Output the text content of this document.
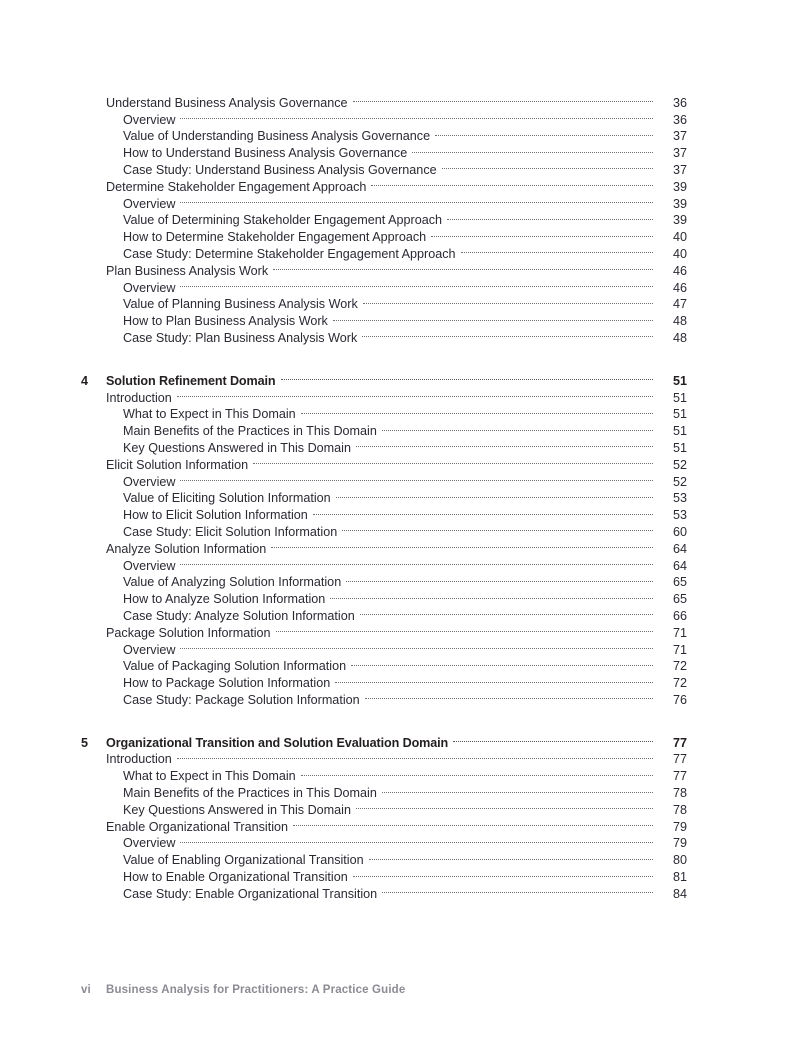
Understand Business Analysis Governance	36
Overview	36
Value of Understanding Business Analysis Governance	37
How to Understand Business Analysis Governance	37
Case Study: Understand Business Analysis Governance	37
Determine Stakeholder Engagement Approach	39
Overview	39
Value of Determining Stakeholder Engagement Approach	39
How to Determine Stakeholder Engagement Approach	40
Case Study: Determine Stakeholder Engagement Approach	40
Plan Business Analysis Work	46
Overview	46
Value of Planning Business Analysis Work	47
How to Plan Business Analysis Work	48
Case Study: Plan Business Analysis Work	48
4	Solution Refinement Domain	51
Introduction	51
What to Expect in This Domain	51
Main Benefits of the Practices in This Domain	51
Key Questions Answered in This Domain	51
Elicit Solution Information	52
Overview	52
Value of Eliciting Solution Information	53
How to Elicit Solution Information	53
Case Study: Elicit Solution Information	60
Analyze Solution Information	64
Overview	64
Value of Analyzing Solution Information	65
How to Analyze Solution Information	65
Case Study: Analyze Solution Information	66
Package Solution Information	71
Overview	71
Value of Packaging Solution Information	72
How to Package Solution Information	72
Case Study: Package Solution Information	76
5	Organizational Transition and Solution Evaluation Domain	77
Introduction	77
What to Expect in This Domain	77
Main Benefits of the Practices in This Domain	78
Key Questions Answered in This Domain	78
Enable Organizational Transition	79
Overview	79
Value of Enabling Organizational Transition	80
How to Enable Organizational Transition	81
Case Study: Enable Organizational Transition	84
vi	Business Analysis for Practitioners: A Practice Guide
